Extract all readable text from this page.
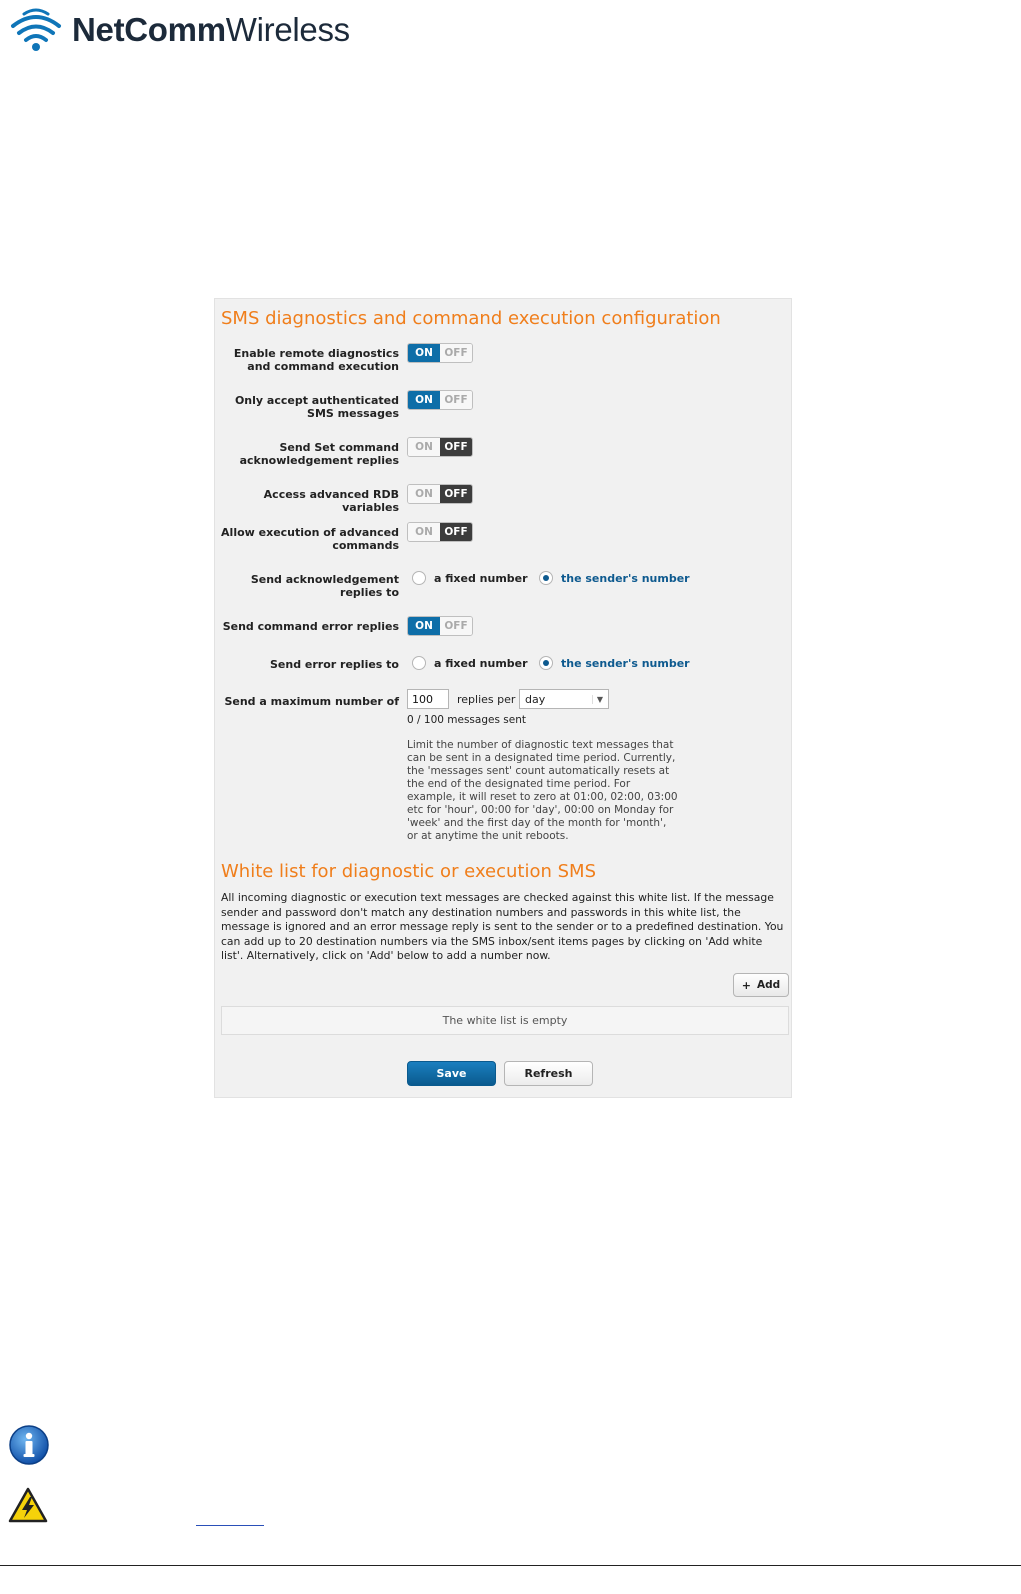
NetCommWireless
SMS diagnostics and command execution configuration
Enable remote diagnostics and command execution
ON	OFF
Only accept authenticated SMS messages
ON	OFF
Send Set command acknowledgement replies
ON	OFF
Access advanced RDB variables
ON	OFF
Allow execution of advanced commands
ON	OFF
Send acknowledgement replies to
a fixed number	the sender's number
Send command error replies	ON	OFF
Send error replies to	a fixed number	the sender's number
Send a maximum number of
100	replies per day	▼
0 / 100 messages sent
Limit the number of diagnostic text messages that can be sent in a designated time period. Currently, the 'messages sent' count automatically resets at the end of the designated time period. For example, it will reset to zero at 01:00, 02:00, 03:00 etc for 'hour', 00:00 for 'day', 00:00 on Monday for 'week' and the first day of the month for 'month', or at anytime the unit reboots.
White list for diagnostic or execution SMS
All incoming diagnostic or execution text messages are checked against this white list. If the message sender and password don't match any destination numbers and passwords in this white list, the message is ignored and an error message reply is sent to the sender or to a predefined destination. You can add up to 20 destination numbers via the SMS inbox/sent items pages by clicking on 'Add white list'. Alternatively, click on 'Add' below to add a number now.
+ Add
The white list is empty
Save	Refresh
